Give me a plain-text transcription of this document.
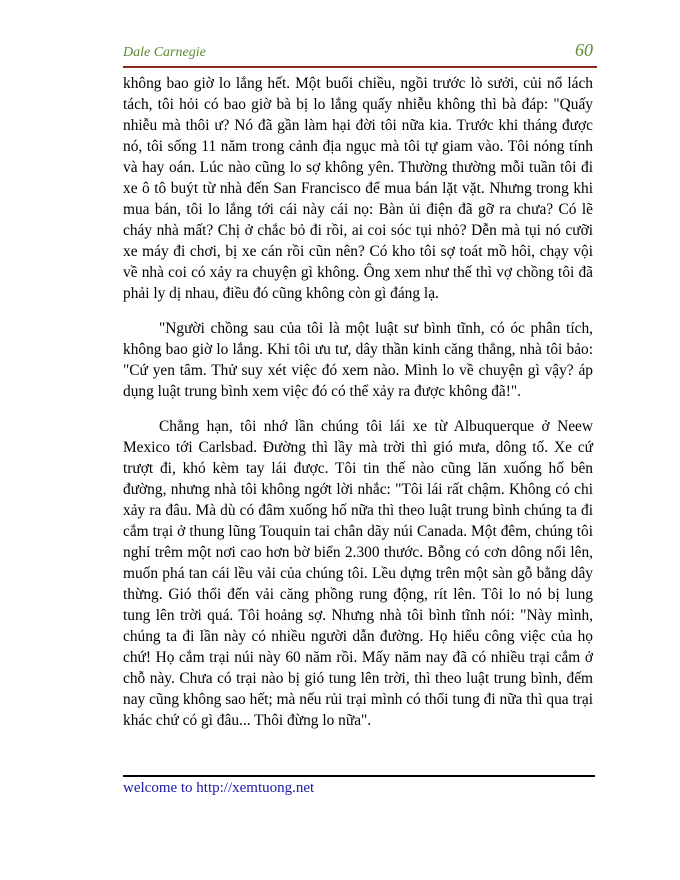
Dale Carnegie	60

không bao giờ lo lắng hết. Một buổi chiều, ngồi trước lò sưởi, củi nổ lách tách, tôi hỏi có bao giờ bà bị lo lắng quấy nhiễu không thì bà đáp: "Quấy nhiễu mà thôi ư? Nó đã gần làm hại đời tôi nữa kia. Trước khi tháng được nó, tôi sống 11 năm trong cảnh địa ngục mà tôi tự giam vào. Tôi nóng tính và hay oán. Lúc nào cũng lo sợ không yên. Thường thường mỗi tuần tôi đi xe ô tô buýt từ nhà đến San Francisco để mua bán lặt vặt. Nhưng trong khi mua bán, tôi lo lắng tới cái này cái nọ: Bàn ủi điện đã gỡ ra chưa? Có lẽ cháy nhà mất? Chị ở chắc bỏ đi rồi, ai coi sóc tụi nhỏ? Dễn mà tụi nó cưỡi xe máy đi chơi, bị xe cán rồi cũn nên? Có kho tôi sợ toát mồ hôi, chạy vội về nhà coi có xảy ra chuyện gì không. Ông xem như thế thì vợ chồng tôi đã phải ly dị nhau, điều đó cũng không còn gì đáng lạ.

"Người chồng sau của tôi là một luật sư bình tĩnh, có óc phân tích, không bao giờ lo lắng. Khi tôi ưu tư, dây thần kinh căng thẳng, nhà tôi bảo: "Cứ yen tâm. Thử suy xét việc đó xem nào. Mình lo về chuyện gì vậy? áp dụng luật trung bình xem việc đó có thể xảy ra được không đã!".

Chẳng hạn, tôi nhớ lần chúng tôi lái xe từ Albuquerque ở Neew Mexico tới Carlsbad. Đường thì lầy mà trời thì gió mưa, dông tố. Xe cứ trượt đi, khó kèm tay lái được. Tôi tin thế nào cũng lăn xuống hố bên đường, nhưng nhà tôi không ngớt lời nhắc: "Tôi lái rất chậm. Không có chi xảy ra đâu. Mà dù có đâm xuống hố nữa thì theo luật trung bình chúng ta đi cắm trại ở thung lũng Touquin tai chân dãy núi Canada. Một đêm, chúng tôi nghỉ trêm một nơi cao hơn bờ biển 2.300 thước. Bỗng có cơn dông nổi lên, muốn phá tan cái lều vải của chúng tôi. Lều dựng trên một sàn gỗ bằng dây thừng. Gió thổi đến vải căng phồng rung động, rít lên. Tôi lo nó bị lung tung lên trời quá. Tôi hoảng sợ. Nhưng nhà tôi bình tĩnh nói: "Này mình, chúng ta đi lần này có nhiều người dẫn đường. Họ hiểu công việc của họ chứ! Họ cắm trại núi này 60 năm rồi. Mấy năm nay đã có nhiều trại cắm ở chỗ này. Chưa có trại nào bị gió tung lên trời, thì theo luật trung bình, đếm nay cũng không sao hết; mà nếu rủi trại mình có thổi tung đi nữa thì qua trại khác chứ có gì đâu... Thôi đừng lo nữa".

welcome to http://xemtuong.net
